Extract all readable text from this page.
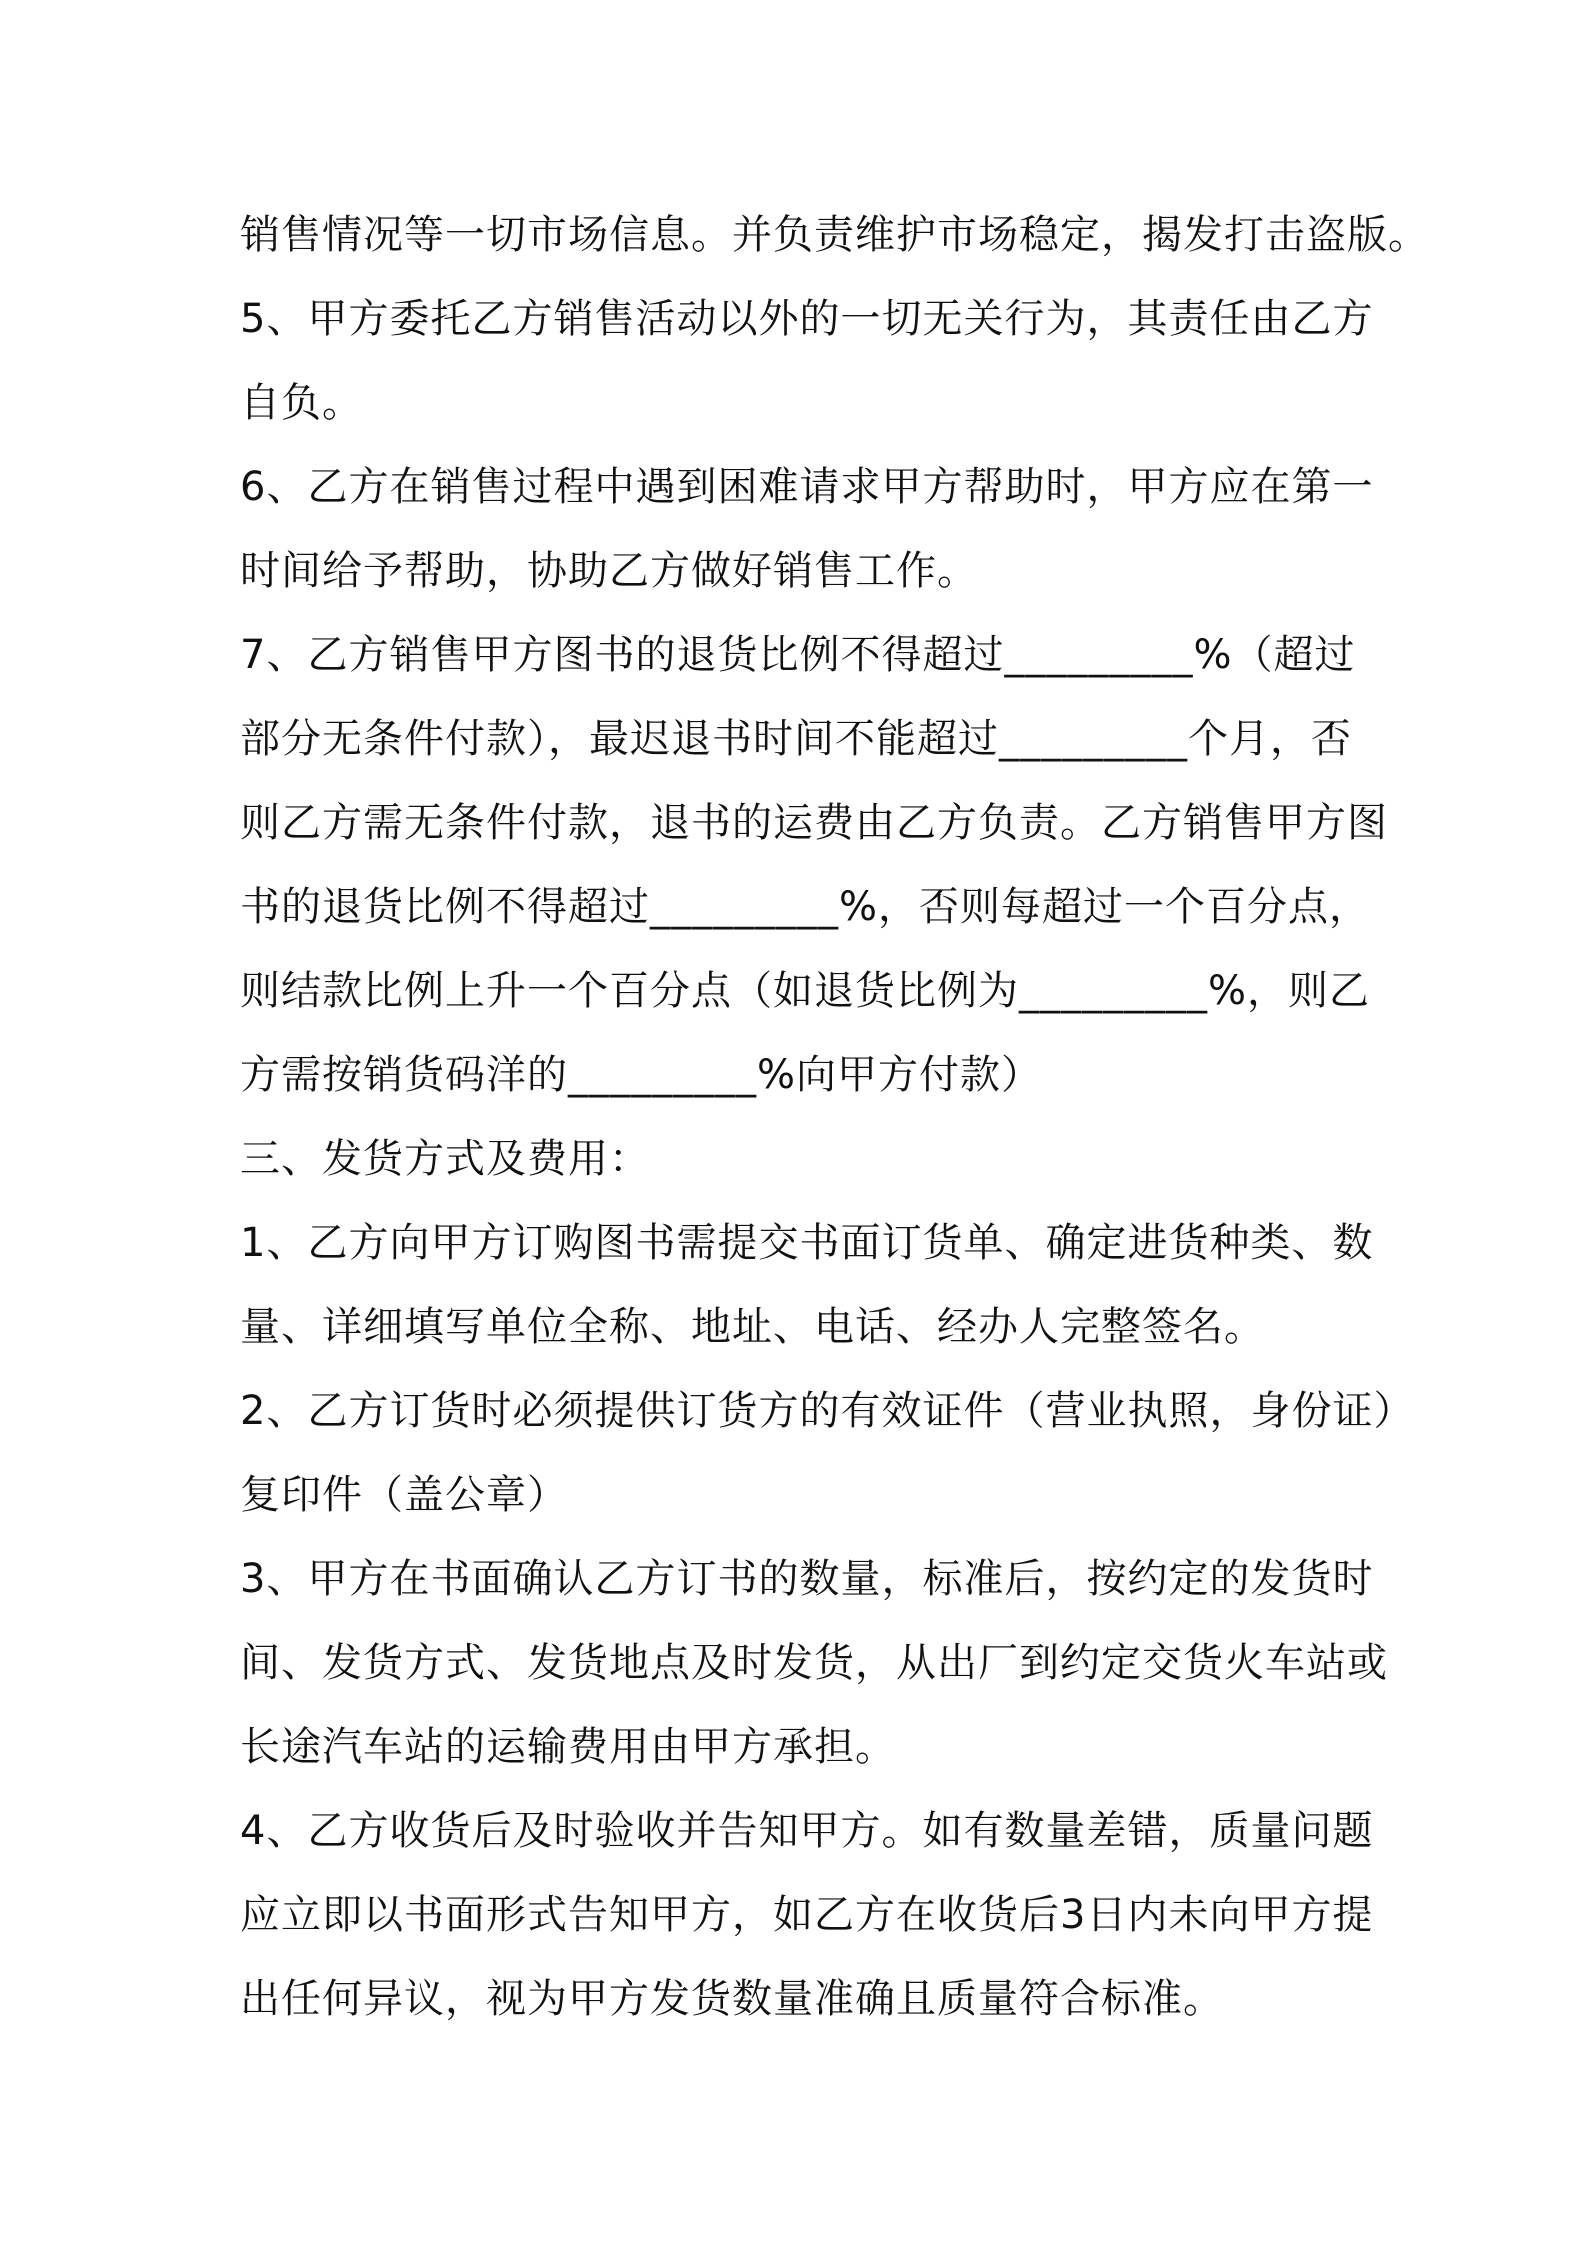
销售情况等一切市场信息。并负责维护市场稳定，揭发打击盗版。
5、甲方委托乙方销售活动以外的一切无关行为，其责任由乙方
自负。
6、乙方在销售过程中遇到困难请求甲方帮助时，甲方应在第一
时间给予帮助，协助乙方做好销售工作。
7、乙方销售甲方图书的退货比例不得超过_________%（超过
部分无条件付款），最迟退书时间不能超过_________个月，否
则乙方需无条件付款，退书的运费由乙方负责。乙方销售甲方图
书的退货比例不得超过_________%，否则每超过一个百分点，
则结款比例上升一个百分点（如退货比例为_________%，则乙
方需按销货码洋的_________%向甲方付款）
三、发货方式及费用：
1、乙方向甲方订购图书需提交书面订货单、确定进货种类、数
量、详细填写单位全称、地址、电话、经办人完整签名。
2、乙方订货时必须提供订货方的有效证件（营业执照，身份证）
复印件（盖公章）
3、甲方在书面确认乙方订书的数量，标准后，按约定的发货时
间、发货方式、发货地点及时发货，从出厂到约定交货火车站或
长途汽车站的运输费用由甲方承担。
4、乙方收货后及时验收并告知甲方。如有数量差错，质量问题
应立即以书面形式告知甲方，如乙方在收货后3日内未向甲方提
出任何异议，视为甲方发货数量准确且质量符合标准。
